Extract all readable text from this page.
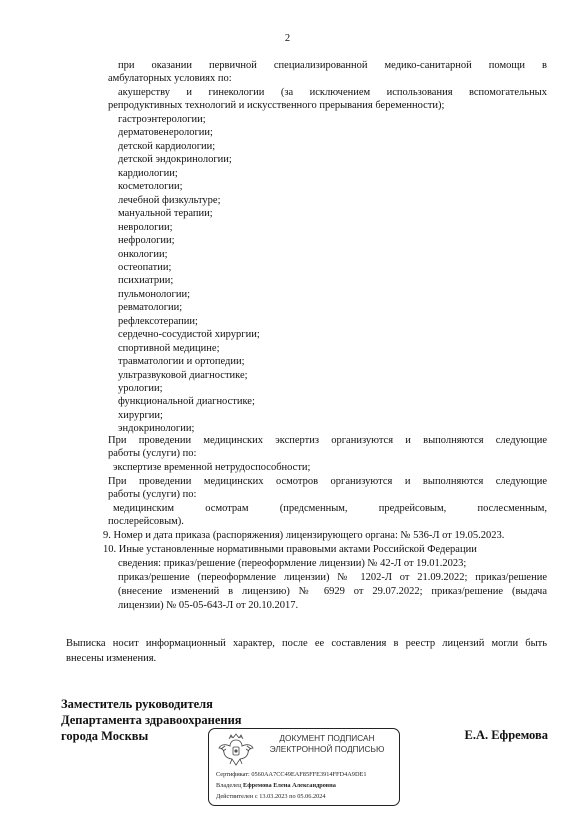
2
при оказании первичной специализированной медико-санитарной помощи в
амбулаторных условиях по:
акушерству и гинекологии (за исключением использования вспомогательных
репродуктивных технологий и искусственного прерывания беременности);
гастроэнтерологии;
дерматовенерологии;
детской кардиологии;
детской эндокринологии;
кардиологии;
косметологии;
лечебной физкультуре;
мануальной терапии;
неврологии;
нефрологии;
онкологии;
остеопатии;
психиатрии;
пульмонологии;
ревматологии;
рефлексотерапии;
сердечно-сосудистой хирургии;
спортивной медицине;
травматологии и ортопедии;
ультразвуковой диагностике;
урологии;
функциональной диагностике;
хирургии;
эндокринологии;
При проведении медицинских экспертиз организуются и выполняются следующие
работы (услуги) по:
экспертизе временной нетрудоспособности;
При проведении медицинских осмотров организуются и выполняются следующие
работы (услуги) по:
медицинским осмотрам (предсменным, предрейсовым, послесменным,
послерейсовым).
9. Номер и дата приказа (распоряжения) лицензирующего органа: № 536-Л от 19.05.2023.
10. Иные установленные нормативными правовыми актами Российской Федерации
сведения: приказ/решение (переоформление лицензии) № 42-Л от 19.01.2023;
приказ/решение (переоформление лицензии) № 1202-Л от 21.09.2022; приказ/решение
(внесение изменений в лицензию) № 6929 от 29.07.2022; приказ/решение (выдача
лицензии) № 05-05-643-Л от 20.10.2017.
Выписка носит информационный характер, после ее составления в реестр лицензий могли быть
внесены изменения.
Заместитель руководителя
Департамента здравоохранения
города Москвы	Е.А. Ефремова
ДОКУМЕНТ ПОДПИСАН
ЭЛЕКТРОННОЙ ПОДПИСЬЮ
Сертификат: 0560AA7CC49EAF85FFE3914FFD4A9DE1
Владелец Ефремова Елена Александровна
Действителен с 13.03.2023 по 05.06.2024
